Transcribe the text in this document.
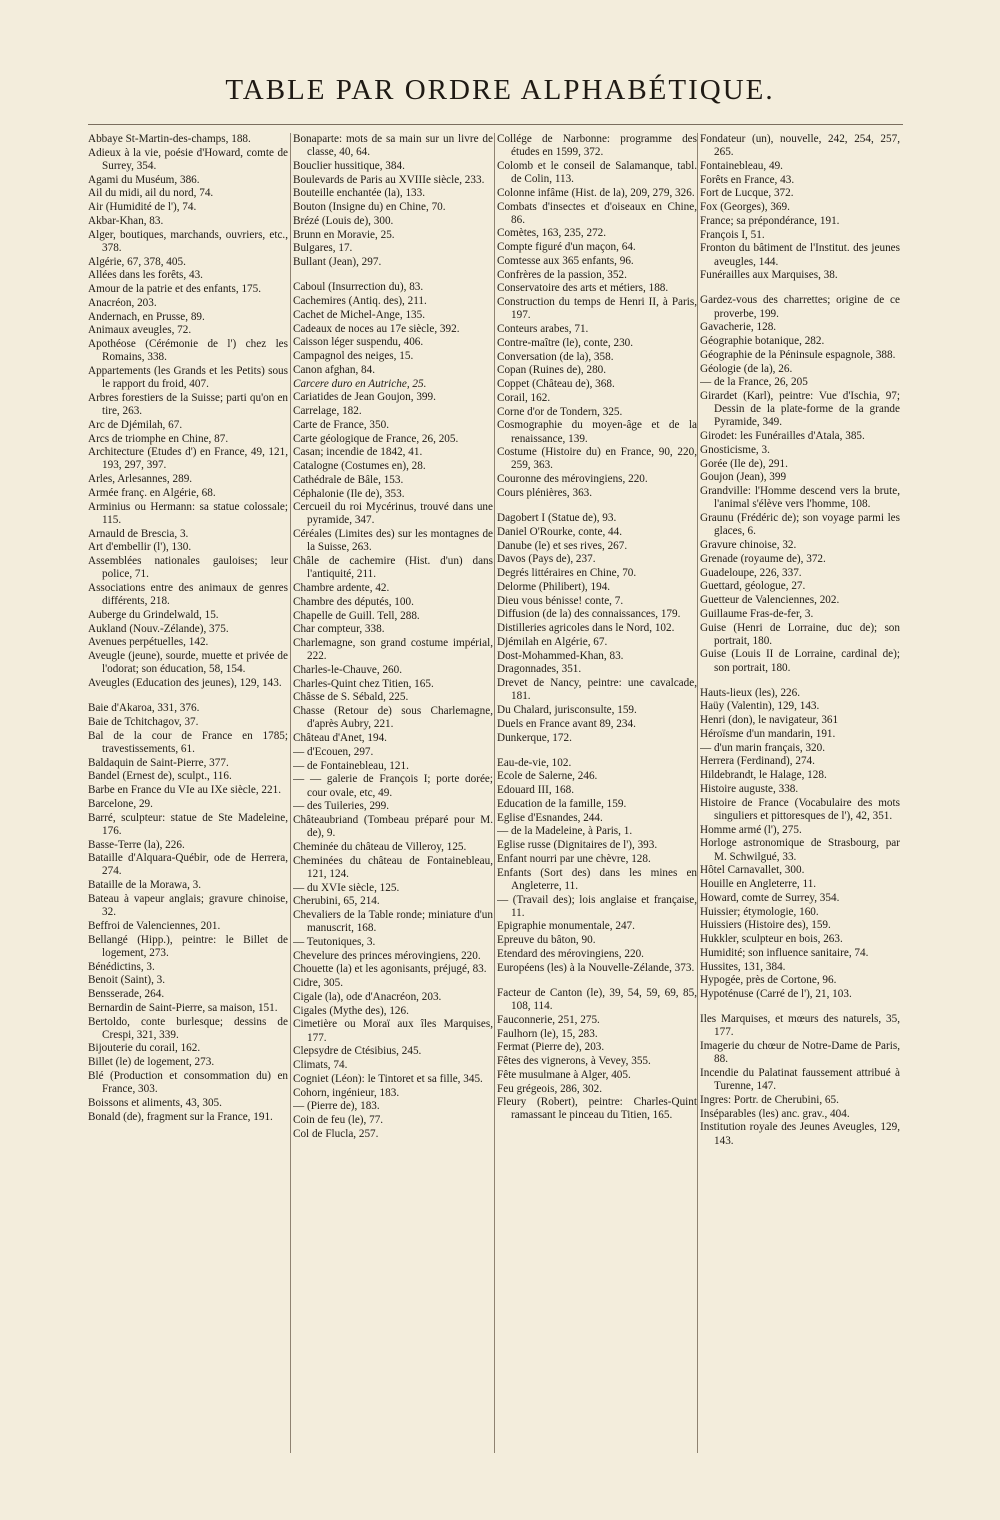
TABLE PAR ORDRE ALPHABÉTIQUE.

Abbaye St-Martin-des-champs, 188.

Adieux à la vie, poésie d'Howard, comte de Surrey, 354.

Agami du Muséum, 386.

Ail du midi, ail du nord, 74.

Air (Humidité de l'), 74.

Akbar-Khan, 83.

Alger, boutiques, marchands, ouvriers, etc., 378.

Algérie, 67, 378, 405.

Allées dans les forêts, 43.

Amour de la patrie et des enfants, 175.

Anacréon, 203.

Andernach, en Prusse, 89.

Animaux aveugles, 72.

Apothéose (Cérémonie de l') chez les Romains, 338.

Appartements (les Grands et les Petits) sous le rapport du froid, 407.

Arbres forestiers de la Suisse; parti qu'on en tire, 263.

Arc de Djémilah, 67.

Arcs de triomphe en Chine, 87.

Architecture (Etudes d') en France, 49, 121, 193, 297, 397.

Arles, Arlesannes, 289.

Armée franç. en Algérie, 68.

Arminius ou Hermann: sa statue colossale; 115.

Arnauld de Brescia, 3.

Art d'embellir (l'), 130.

Assemblées nationales gauloises; leur police, 71.

Associations entre des animaux de genres différents, 218.

Auberge du Grindelwald, 15.

Aukland (Nouv.-Zélande), 375.

Avenues perpétuelles, 142.

Aveugle (jeune), sourde, muette et privée de l'odorat; son éducation, 58, 154.

Aveugles (Education des jeunes), 129, 143.

Baie d'Akaroa, 331, 376.

Baie de Tchitchagov, 37.

Bal de la cour de France en 1785; travestissements, 61.

Baldaquin de Saint-Pierre, 377.

Bandel (Ernest de), sculpt., 116.

Barbe en France du VIe au IXe siècle, 221.

Barcelone, 29.

Barré, sculpteur: statue de Ste Madeleine, 176.

Basse-Terre (la), 226.

Bataille d'Alquara-Québir, ode de Herrera, 274.

Bataille de la Morawa, 3.

Bateau à vapeur anglais; gravure chinoise, 32.

Beffroi de Valenciennes, 201.

Bellangé (Hipp.), peintre: le Billet de logement, 273.

Bénédictins, 3.

Benoit (Saint), 3.

Bensserade, 264.

Bernardin de Saint-Pierre, sa maison, 151.

Bertoldo, conte burlesque; dessins de Crespi, 321, 339.

Bijouterie du corail, 162.

Billet (le) de logement, 273.

Blé (Production et consommation du) en France, 303.

Boissons et aliments, 43, 305.

Bonald (de), fragment sur la France, 191.

Bonaparte: mots de sa main sur un livre de classe, 40, 64.

Bouclier hussitique, 384.

Boulevards de Paris au XVIIIe siècle, 233.

Bouteille enchantée (la), 133.

Bouton (Insigne du) en Chine, 70.

Brézé (Louis de), 300.

Brunn en Moravie, 25.

Bulgares, 17.

Bullant (Jean), 297.

Caboul (Insurrection du), 83.

Cachemires (Antiq. des), 211.

Cachet de Michel-Ange, 135.

Cadeaux de noces au 17e siècle, 392.

Caisson léger suspendu, 406.

Campagnol des neiges, 15.

Canon afghan, 84.

Carcere duro en Autriche, 25.

Cariatides de Jean Goujon, 399.

Carrelage, 182.

Carte de France, 350.

Carte géologique de France, 26, 205.

Casan; incendie de 1842, 41.

Catalogne (Costumes en), 28.

Cathédrale de Bâle, 153.

Céphalonie (Ile de), 353.

Cercueil du roi Mycérinus, trouvé dans une pyramide, 347.

Céréales (Limites des) sur les montagnes de la Suisse, 263.

Châle de cachemire (Hist. d'un) dans l'antiquité, 211.

Chambre ardente, 42.

Chambre des députés, 100.

Chapelle de Guill. Tell, 288.

Char compteur, 338.

Charlemagne, son grand costume impérial, 222.

Charles-le-Chauve, 260.

Charles-Quint chez Titien, 165.

Châsse de S. Sébald, 225.

Chasse (Retour de) sous Charlemagne, d'après Aubry, 221.

Château d'Anet, 194.

— d'Ecouen, 297.

— de Fontainebleau, 121.

— — galerie de François I; porte dorée; cour ovale, etc, 49.

— des Tuileries, 299.

Châteaubriand (Tombeau préparé pour M. de), 9.

Cheminée du château de Villeroy, 125.

Cheminées du château de Fontainebleau, 121, 124.

— du XVIe siècle, 125.

Cherubini, 65, 214.

Chevaliers de la Table ronde; miniature d'un manuscrit, 168.

— Teutoniques, 3.

Chevelure des princes mérovingiens, 220.

Chouette (la) et les agonisants, préjugé, 83.

Cidre, 305.

Cigale (la), ode d'Anacréon, 203.

Cigales (Mythe des), 126.

Cimetière ou Moraï aux îles Marquises, 177.

Clepsydre de Ctésibius, 245.

Climats, 74.

Cogniet (Léon): le Tintoret et sa fille, 345.

Cohorn, ingénieur, 183.

— (Pierre de), 183.

Coin de feu (le), 77.

Col de Flucla, 257.

Collége de Narbonne: programme des études en 1599, 372.

Colomb et le conseil de Salamanque, tabl. de Colin, 113.

Colonne infâme (Hist. de la), 209, 279, 326.

Combats d'insectes et d'oiseaux en Chine, 86.

Comètes, 163, 235, 272.

Compte figuré d'un maçon, 64.

Comtesse aux 365 enfants, 96.

Confrères de la passion, 352.

Conservatoire des arts et métiers, 188.

Construction du temps de Henri II, à Paris, 197.

Conteurs arabes, 71.

Contre-maître (le), conte, 230.

Conversation (de la), 358.

Copan (Ruines de), 280.

Coppet (Château de), 368.

Corail, 162.

Corne d'or de Tondern, 325.

Cosmographie du moyen-âge et de la renaissance, 139.

Costume (Histoire du) en France, 90, 220, 259, 363.

Couronne des mérovingiens, 220.

Cours plénières, 363.

Dagobert I (Statue de), 93.

Daniel O'Rourke, conte, 44.

Danube (le) et ses rives, 267.

Davos (Pays de), 237.

Degrés littéraires en Chine, 70.

Delorme (Philibert), 194.

Dieu vous bénisse! conte, 7.

Diffusion (de la) des connaissances, 179.

Distilleries agricoles dans le Nord, 102.

Djémilah en Algérie, 67.

Dost-Mohammed-Khan, 83.

Dragonnades, 351.

Drevet de Nancy, peintre: une cavalcade, 181.

Du Chalard, jurisconsulte, 159.

Duels en France avant 89, 234.

Dunkerque, 172.

Eau-de-vie, 102.

Ecole de Salerne, 246.

Edouard III, 168.

Education de la famille, 159.

Eglise d'Esnandes, 244.

— de la Madeleine, à Paris, 1.

Eglise russe (Dignitaires de l'), 393.

Enfant nourri par une chèvre, 128.

Enfants (Sort des) dans les mines en Angleterre, 11.

— (Travail des); lois anglaise et française, 11.

Epigraphie monumentale, 247.

Epreuve du bâton, 90.

Etendard des mérovingiens, 220.

Européens (les) à la Nouvelle-Zélande, 373.

Facteur de Canton (le), 39, 54, 59, 69, 85, 108, 114.

Fauconnerie, 251, 275.

Faulhorn (le), 15, 283.

Fermat (Pierre de), 203.

Fêtes des vignerons, à Vevey, 355.

Fête musulmane à Alger, 405.

Feu grégeois, 286, 302.

Fleury (Robert), peintre: Charles-Quint ramassant le pinceau du Titien, 165.

Fondateur (un), nouvelle, 242, 254, 257, 265.

Fontainebleau, 49.

Forêts en France, 43.

Fort de Lucque, 372.

Fox (Georges), 369.

France; sa prépondérance, 191.

François I, 51.

Fronton du bâtiment de l'Institut. des jeunes aveugles, 144.

Funérailles aux Marquises, 38.

Gardez-vous des charrettes; origine de ce proverbe, 199.

Gavacherie, 128.

Géographie botanique, 282.

Géographie de la Péninsule espagnole, 388.

Géologie (de la), 26.

— de la France, 26, 205

Girardet (Karl), peintre: Vue d'Ischia, 97; Dessin de la plate-forme de la grande Pyramide, 349.

Girodet: les Funérailles d'Atala, 385.

Gnosticisme, 3.

Gorée (Ile de), 291.

Goujon (Jean), 399

Grandville: l'Homme descend vers la brute, l'animal s'élève vers l'homme, 108.

Graunu (Frédéric de); son voyage parmi les glaces, 6.

Gravure chinoise, 32.

Grenade (royaume de), 372.

Guadeloupe, 226, 337.

Guettard, géologue, 27.

Guetteur de Valenciennes, 202.

Guillaume Fras-de-fer, 3.

Guise (Henri de Lorraine, duc de); son portrait, 180.

Guise (Louis II de Lorraine, cardinal de); son portrait, 180.

Hauts-lieux (les), 226.

Haüy (Valentin), 129, 143.

Henri (don), le navigateur, 361

Héroïsme d'un mandarin, 191.

— d'un marin français, 320.

Herrera (Ferdinand), 274.

Hildebrandt, le Halage, 128.

Histoire auguste, 338.

Histoire de France (Vocabulaire des mots singuliers et pittoresques de l'), 42, 351.

Homme armé (l'), 275.

Horloge astronomique de Strasbourg, par M. Schwilgué, 33.

Hôtel Carnavallet, 300.

Houille en Angleterre, 11.

Howard, comte de Surrey, 354.

Huissier; étymologie, 160.

Huissiers (Histoire des), 159.

Hukkler, sculpteur en bois, 263.

Humidité; son influence sanitaire, 74.

Hussites, 131, 384.

Hypogée, près de Cortone, 96.

Hypoténuse (Carré de l'), 21, 103.

Iles Marquises, et mœurs des naturels, 35, 177.

Imagerie du chœur de Notre-Dame de Paris, 88.

Incendie du Palatinat faussement attribué à Turenne, 147.

Ingres: Portr. de Cherubini, 65.

Inséparables (les) anc. grav., 404.

Institution royale des Jeunes Aveugles, 129, 143.
